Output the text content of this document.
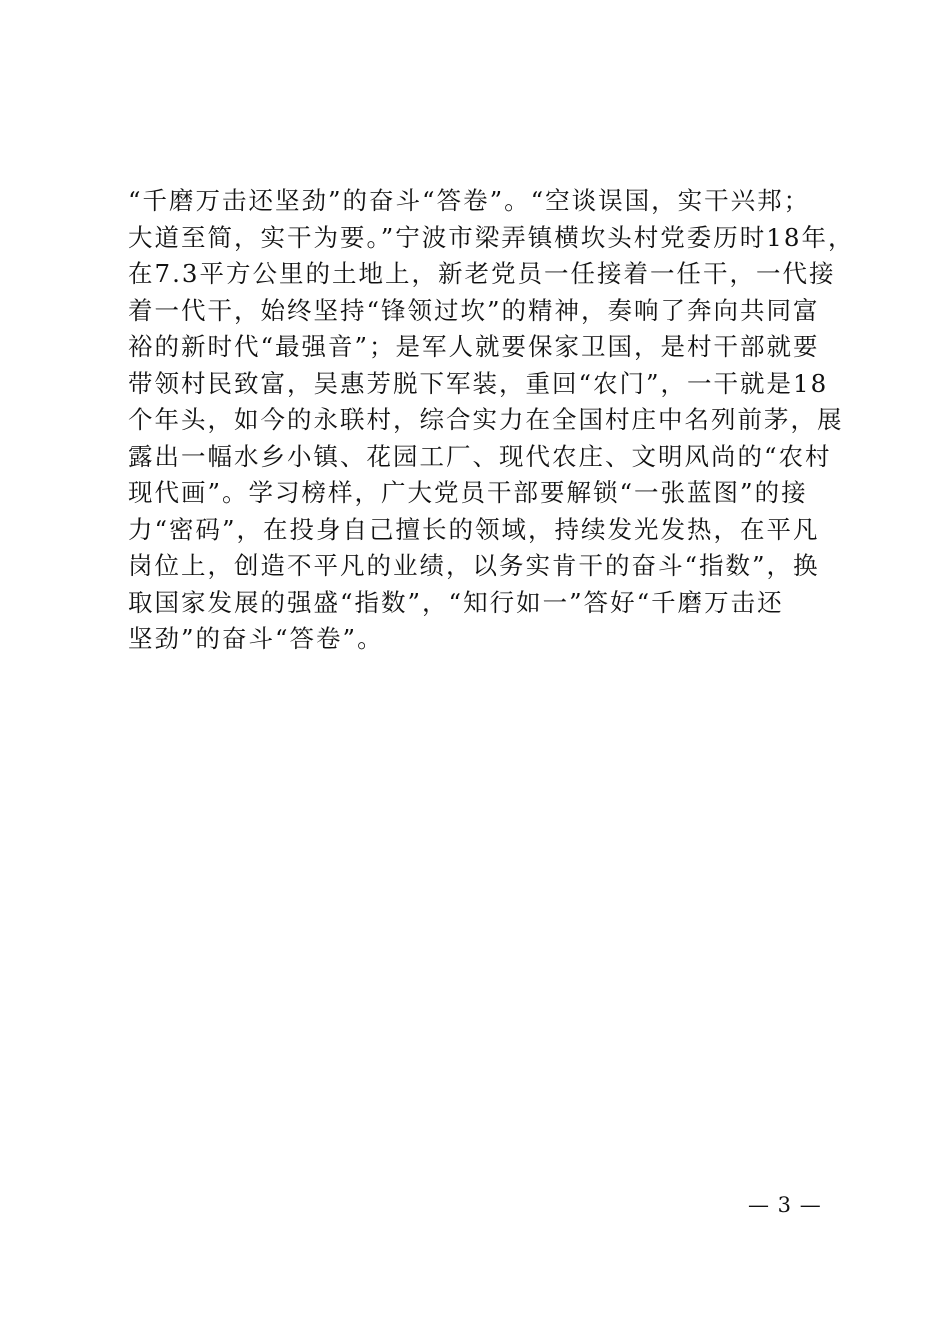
“千磨万击还坚劲”的奋斗“答卷”。“空谈误国，实干兴邦；
大道至简，实干为要。”宁波市梁弄镇横坎头村党委历时18年，
在7.3平方公里的土地上，新老党员一任接着一任干，一代接
着一代干，始终坚持“锋领过坎”的精神，奏响了奔向共同富
裕的新时代“最强音”；是军人就要保家卫国，是村干部就要
带领村民致富，吴惠芳脱下军装，重回“农门”，一干就是18
个年头，如今的永联村，综合实力在全国村庄中名列前茅，展
露出一幅水乡小镇、花园工厂、现代农庄、文明风尚的“农村
现代画”。学习榜样，广大党员干部要解锁“一张蓝图”的接
力“密码”，在投身自己擅长的领域，持续发光发热，在平凡
岗位上，创造不平凡的业绩，以务实肯干的奋斗“指数”，换
取国家发展的强盛“指数”，“知行如一”答好“千磨万击还
坚劲”的奋斗“答卷”。
— 3 —
